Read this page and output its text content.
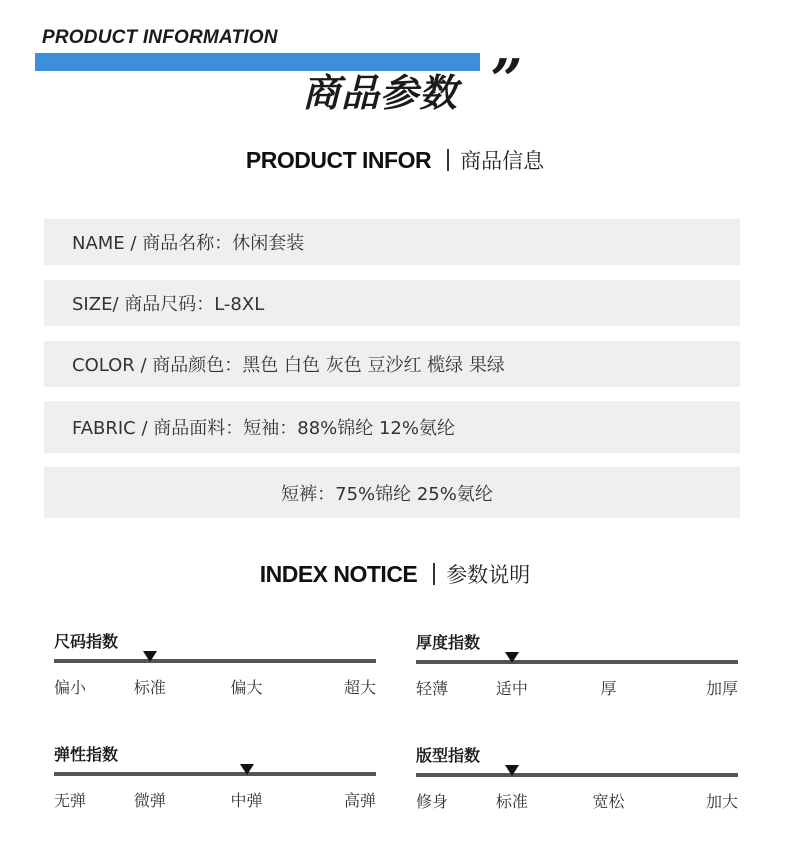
PRODUCT INFORMATION
商品参数 ”
PRODUCT INFOR 商品信息
NAME / 商品名称：休闲套装
SIZE/ 商品尺码：L-8XL
COLOR / 商品颜色：黑色 白色 灰色 豆沙红 榄绿 果绿
FABRIC / 商品面料：短袖：88%锦纶 12%氨纶
短裤：75%锦纶 25%氨纶
INDEX NOTICE 参数说明
尺码指数
偏小	标准	偏大	超大
厚度指数
轻薄	适中	厚	加厚
弹性指数
无弹	微弹	中弹	高弹
版型指数
修身	标准	宽松	加大
